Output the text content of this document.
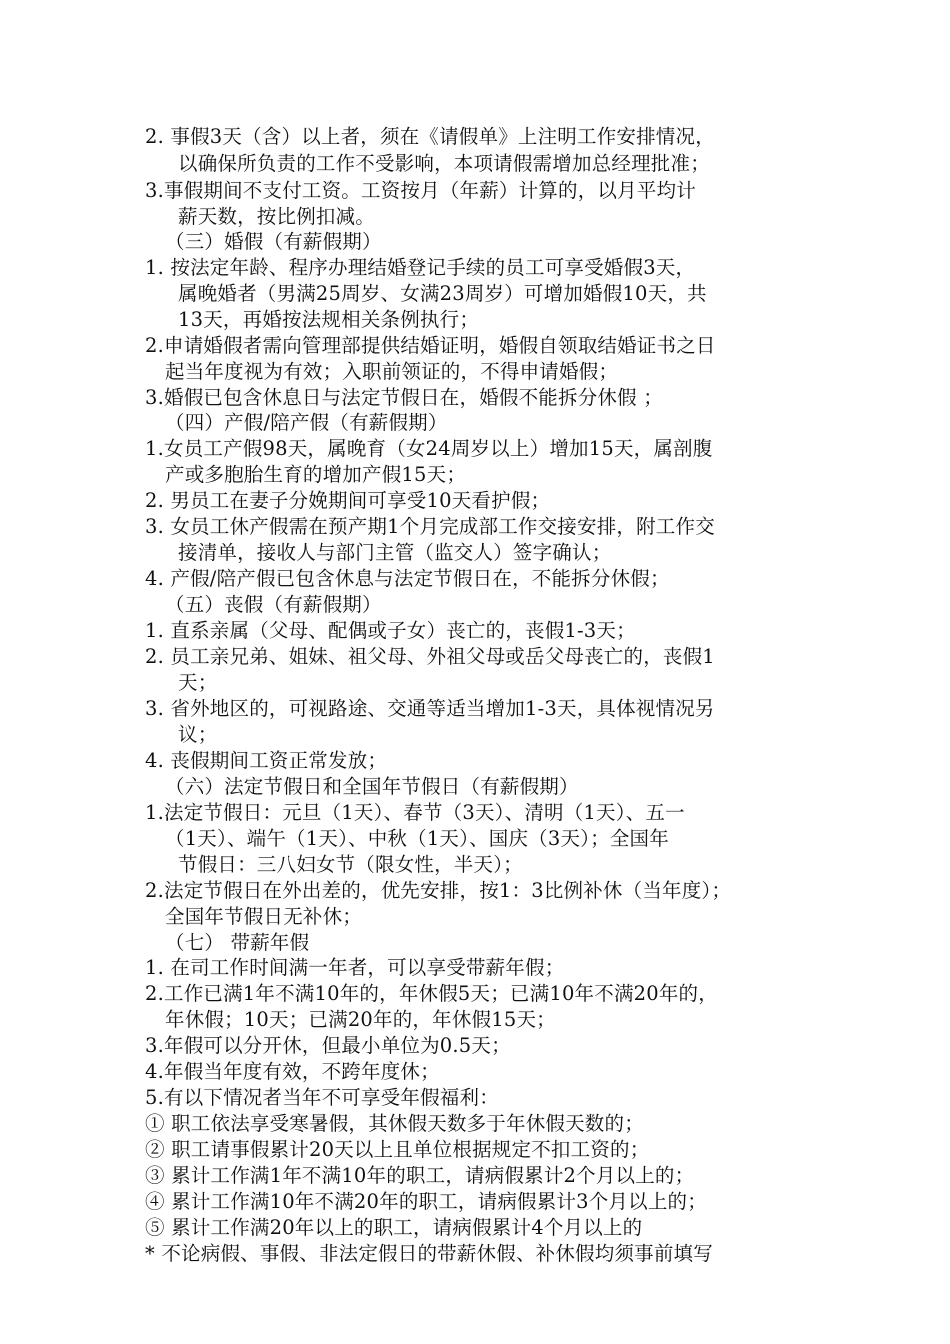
2. 事假3天（含）以上者，须在《请假单》上注明工作安排情况，
以确保所负责的工作不受影响，本项请假需增加总经理批准；
3.事假期间不支付工资。工资按月（年薪）计算的，以月平均计
薪天数，按比例扣减。
（三）婚假（有薪假期）
1. 按法定年龄、程序办理结婚登记手续的员工可享受婚假3天，
属晚婚者（男满25周岁、女满23周岁）可增加婚假10天，共
13天，再婚按法规相关条例执行；
2.申请婚假者需向管理部提供结婚证明，婚假自领取结婚证书之日
起当年度视为有效；入职前领证的，不得申请婚假；
3.婚假已包含休息日与法定节假日在，婚假不能拆分休假 ；
（四）产假/陪产假（有薪假期）
1.女员工产假98天，属晚育（女24周岁以上）增加15天，属剖腹
产或多胞胎生育的增加产假15天；
2. 男员工在妻子分娩期间可享受10天看护假；
3. 女员工休产假需在预产期1个月完成部工作交接安排，附工作交
接清单，接收人与部门主管（监交人）签字确认；
4. 产假/陪产假已包含休息与法定节假日在，不能拆分休假；
（五）丧假（有薪假期）
1. 直系亲属（父母、配偶或子女）丧亡的，丧假1-3天；
2. 员工亲兄弟、姐妹、祖父母、外祖父母或岳父母丧亡的，丧假1
天；
3. 省外地区的，可视路途、交通等适当增加1-3天，具体视情况另
议；
4. 丧假期间工资正常发放；
（六）法定节假日和全国年节假日（有薪假期）
1.法定节假日：元旦（1天）、春节（3天）、清明（1天）、五一
（1天）、端午（1天）、中秋（1天）、国庆（3天）；全国年
节假日：三八妇女节（限女性，半天）；
2.法定节假日在外出差的，优先安排，按1：3比例补休（当年度）；
全国年节假日无补休；
（七） 带薪年假
1. 在司工作时间满一年者，可以享受带薪年假；
2.工作已满1年不满10年的，年休假5天；已满10年不满20年的，
年休假；10天；已满20年的，年休假15天；
3.年假可以分开休，但最小单位为0.5天；
4.年假当年度有效，不跨年度休；
5.有以下情况者当年不可享受年假福利：
① 职工依法享受寒暑假，其休假天数多于年休假天数的；
② 职工请事假累计20天以上且单位根据规定不扣工资的；
③ 累计工作满1年不满10年的职工，请病假累计2个月以上的；
④ 累计工作满10年不满20年的职工，请病假累计3个月以上的；
⑤ 累计工作满20年以上的职工，请病假累计4个月以上的
* 不论病假、事假、非法定假日的带薪休假、补休假均须事前填写
